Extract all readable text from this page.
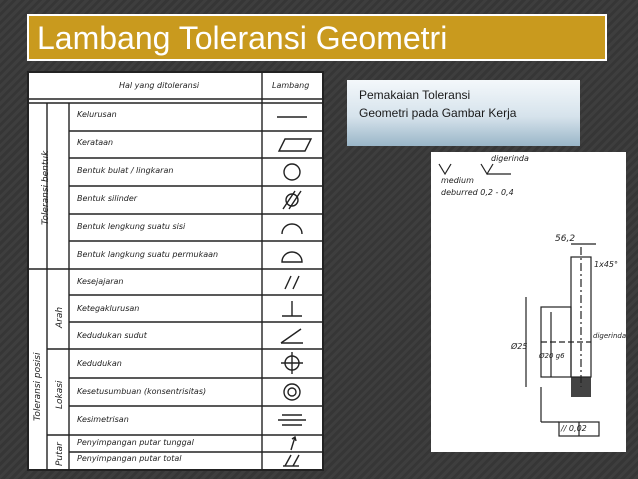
Lambang Toleransi Geometri
Hal yang ditoleransi	Lambang
Toleransi bentuk
Toleransi posisi
Arah
Lokasi
Putar
Kelurusan
Kerataan
Bentuk bulat / lingkaran
Bentuk silinder
Bentuk lengkung suatu sisi
Bentuk langkung suatu permukaan
Kesejajaran
Ketegaklurusan
Kedudukan sudut
Kedudukan
Kesetusumbuan (konsentrisitas)
Kesimetrisan
Penyimpangan putar tunggal
Penyimpangan putar total
Pemakaian Toleransi
Geometri pada Gambar Kerja
digerinda
medium
deburred 0,2 - 0,4
56,2
1x45°
Ø25
Ø20 g6
digerinda
// 0,02
